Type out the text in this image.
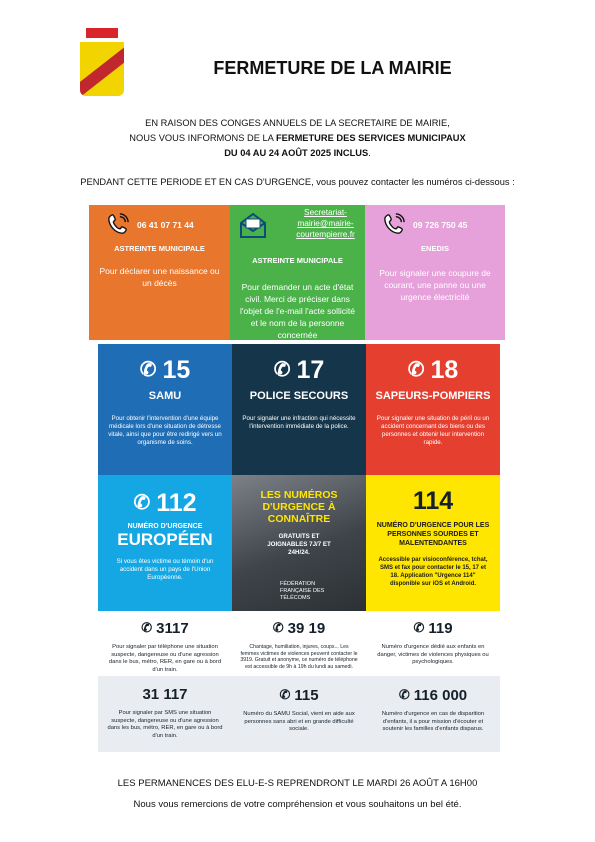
FERMETURE DE LA MAIRIE
EN RAISON DES CONGES ANNUELS DE LA SECRETAIRE DE MAIRIE,
NOUS VOUS INFORMONS DE LA FERMETURE DES SERVICES MUNICIPAUX
DU 04 AU 24 AOÛT 2025 INCLUS.
PENDANT CETTE PERIODE ET EN CAS D'URGENCE, vous pouvez contacter les numéros ci-dessous :
06 41 07 71 44
ASTREINTE MUNICIPALE
Pour déclarer une naissance ou un décès
Secretariat-mairie@mairie-courtempierre.fr
ASTREINTE MUNICIPALE
Pour demander un acte d'état civil. Merci de préciser dans l'objet de l'e-mail l'acte sollicité et le nom de la personne concernée
09 726 750 45
ENEDIS
Pour signaler une coupure de courant, une panne ou une urgence électricité
✆ 15
SAMU
Pour obtenir l'intervention d'une équipe médicale lors d'une situation de détresse vitale, ainsi que pour être redirigé vers un organisme de soins.
✆ 17
POLICE SECOURS
Pour signaler une infraction qui nécessite l'intervention immédiate de la police.
✆ 18
SAPEURS-POMPIERS
Pour signaler une situation de péril ou un accident concernant des biens ou des personnes et obtenir leur intervention rapide.
✆ 112
NUMÉRO D'URGENCE
EUROPÉEN
Si vous êtes victime ou témoin d'un accident dans un pays de l'Union Européenne.
LES NUMÉROS D'URGENCE À CONNAÎTRE
GRATUITS ET JOIGNABLES 7J/7 ET 24H/24.
FÉDÉRATION FRANÇAISE DES TÉLÉCOMS
114
NUMÉRO D'URGENCE POUR LES PERSONNES SOURDES ET MALENTENDANTES
Accessible par visioconférence, tchat, SMS et fax pour contacter le 15, 17 et 18. Application "Urgence 114" disponible sur iOS et Android.
✆ 3117
Pour signaler par téléphone une situation suspecte, dangereuse ou d'une agression dans le bus, métro, RER, en gare ou à bord d'un train.
✆ 39 19
Chantage, humiliation, injures, coups... Les femmes victimes de violences peuvent contacter le 3919. Gratuit et anonyme, ce numéro de téléphone est accessible de 9h à 19h du lundi au samedi.
✆ 119
Numéro d'urgence dédié aux enfants en danger, victimes de violences physiques ou psychologiques.
31 117
Pour signaler par SMS une situation suspecte, dangereuse ou d'une agression dans les bus, métro, RER, en gare ou à bord d'un train.
✆ 115
Numéro du SAMU Social, vient en aide aux personnes sans abri et en grande difficulté sociale.
✆ 116 000
Numéro d'urgence en cas de disparition d'enfants, il a pour mission d'écouter et soutenir les familles d'enfants disparus.
LES PERMANENCES DES ELU-E-S REPRENDRONT LE MARDI 26 AOÛT A 16H00
Nous vous remercions de votre compréhension et vous souhaitons un bel été.
